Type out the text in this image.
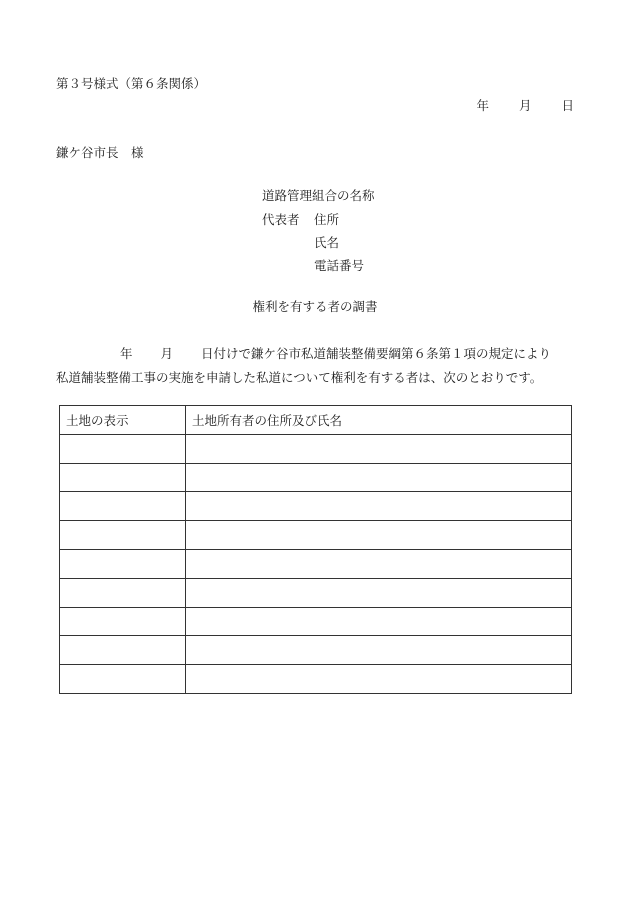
第３号様式（第６条関係）
年 月 日
鎌ケ谷市長　様
道路管理組合の名称
代表者 住所
氏名
電話番号
権利を有する者の調書
年 月 日付けで鎌ケ谷市私道舗装整備要綱第６条第１項の規定により
私道舗装整備工事の実施を申請した私道について権利を有する者は、次のとおりです。
土地の表示	土地所有者の住所及び氏名
